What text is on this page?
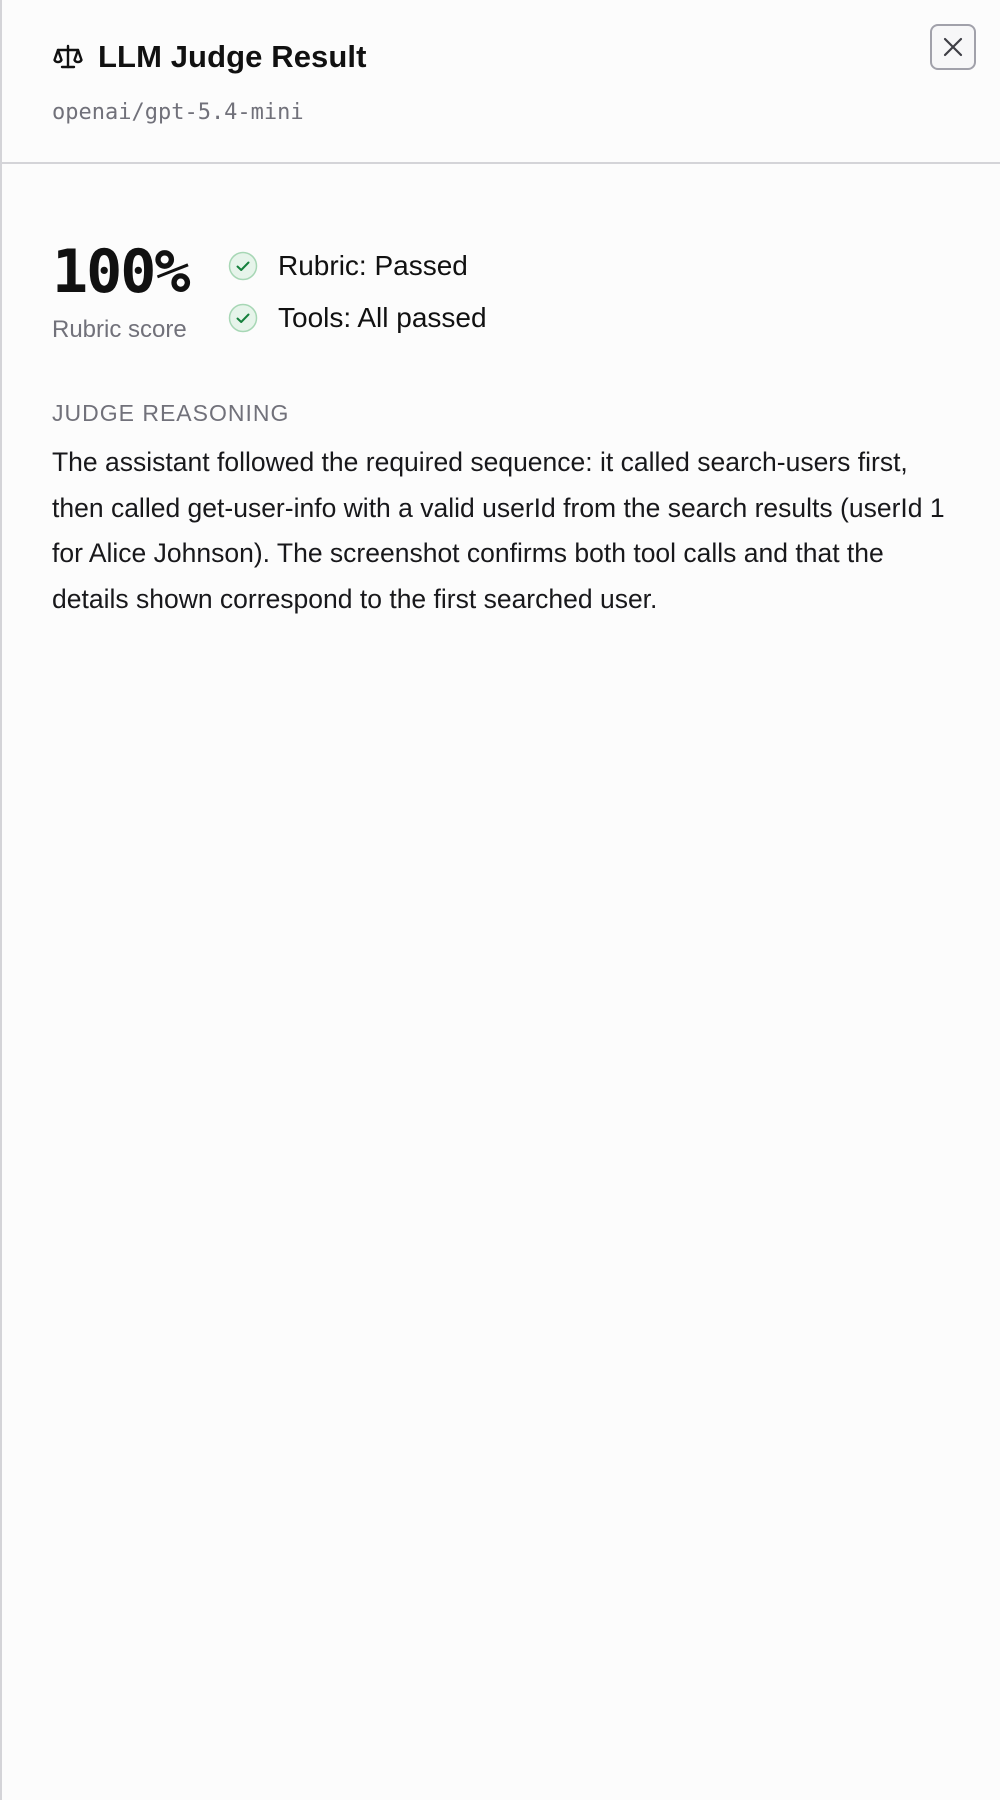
LLM Judge Result
openai/gpt-5.4-mini
100%
Rubric score
Rubric: Passed
Tools: All passed
JUDGE REASONING
The assistant followed the required sequence: it called search-users first, then called get-user-info with a valid userId from the search results (userId 1 for Alice Johnson). The screenshot confirms both tool calls and that the details shown correspond to the first searched user.
